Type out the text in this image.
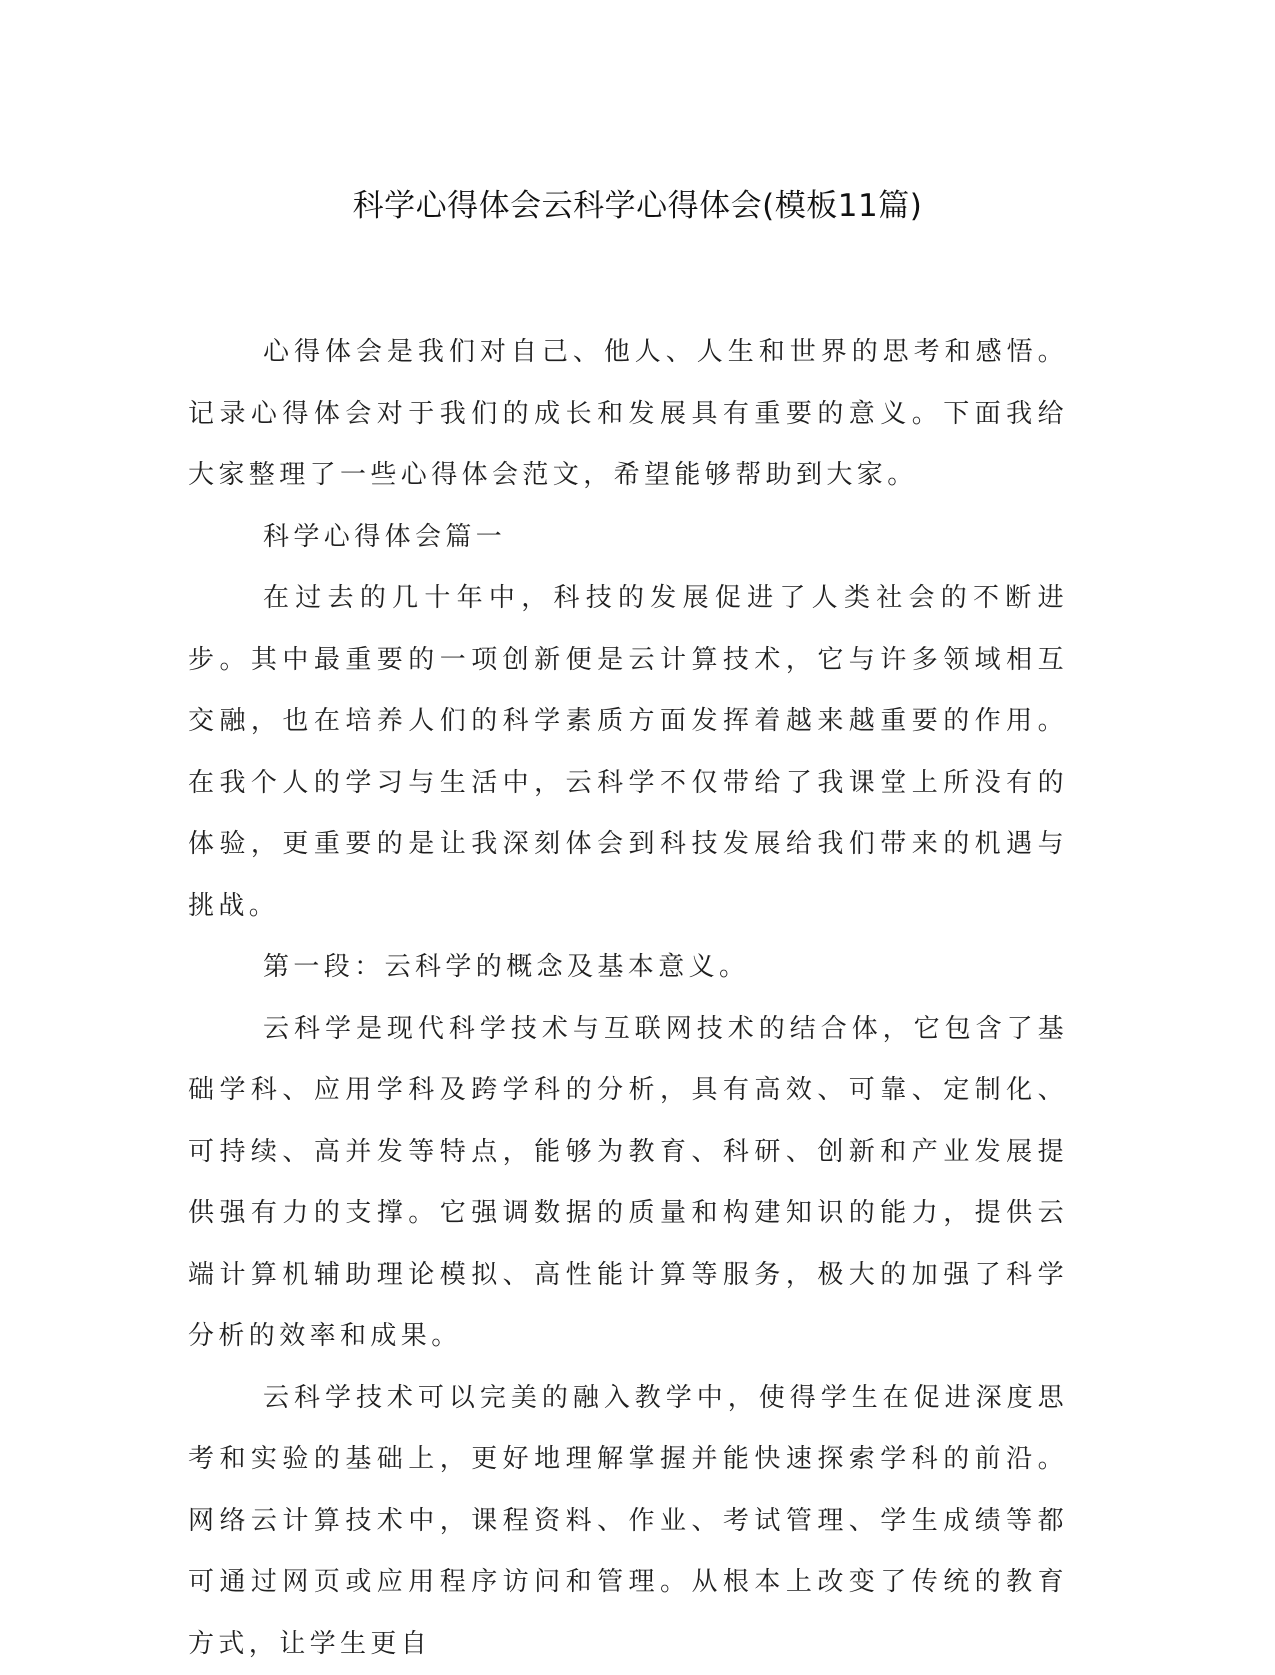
科学心得体会云科学心得体会(模板11篇)

心得体会是我们对自己、他人、人生和世界的思考和感悟。记录心得体会对于我们的成长和发展具有重要的意义。下面我给大家整理了一些心得体会范文，希望能够帮助到大家。

科学心得体会篇一

在过去的几十年中，科技的发展促进了人类社会的不断进步。其中最重要的一项创新便是云计算技术，它与许多领域相互交融，也在培养人们的科学素质方面发挥着越来越重要的作用。在我个人的学习与生活中，云科学不仅带给了我课堂上所没有的体验，更重要的是让我深刻体会到科技发展给我们带来的机遇与挑战。

第一段：云科学的概念及基本意义。

云科学是现代科学技术与互联网技术的结合体，它包含了基础学科、应用学科及跨学科的分析，具有高效、可靠、定制化、可持续、高并发等特点，能够为教育、科研、创新和产业发展提供强有力的支撑。它强调数据的质量和构建知识的能力，提供云端计算机辅助理论模拟、高性能计算等服务，极大的加强了科学分析的效率和成果。

云科学技术可以完美的融入教学中，使得学生在促进深度思考和实验的基础上，更好地理解掌握并能快速探索学科的前沿。网络云计算技术中，课程资料、作业、考试管理、学生成绩等都可通过网页或应用程序访问和管理。从根本上改变了传统的教育方式，让学生更自
